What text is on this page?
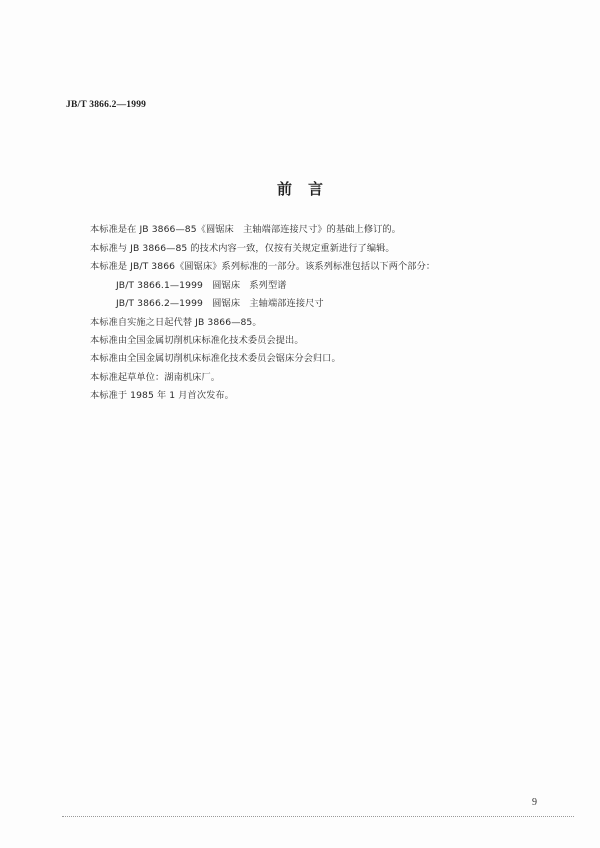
JB/T 3866.2—1999
前言
本标准是在 JB 3866—85《圆锯床　主轴端部连接尺寸》的基础上修订的。
本标准与 JB 3866—85 的技术内容一致，仅按有关规定重新进行了编辑。
本标准是 JB/T 3866《圆锯床》系列标准的一部分。该系列标准包括以下两个部分：
JB/T 3866.1—1999　圆锯床　系列型谱
JB/T 3866.2—1999　圆锯床　主轴端部连接尺寸
本标准自实施之日起代替 JB 3866—85。
本标准由全国金属切削机床标准化技术委员会提出。
本标准由全国金属切削机床标准化技术委员会锯床分会归口。
本标准起草单位：湖南机床厂。
本标准于 1985 年 1 月首次发布。
9
